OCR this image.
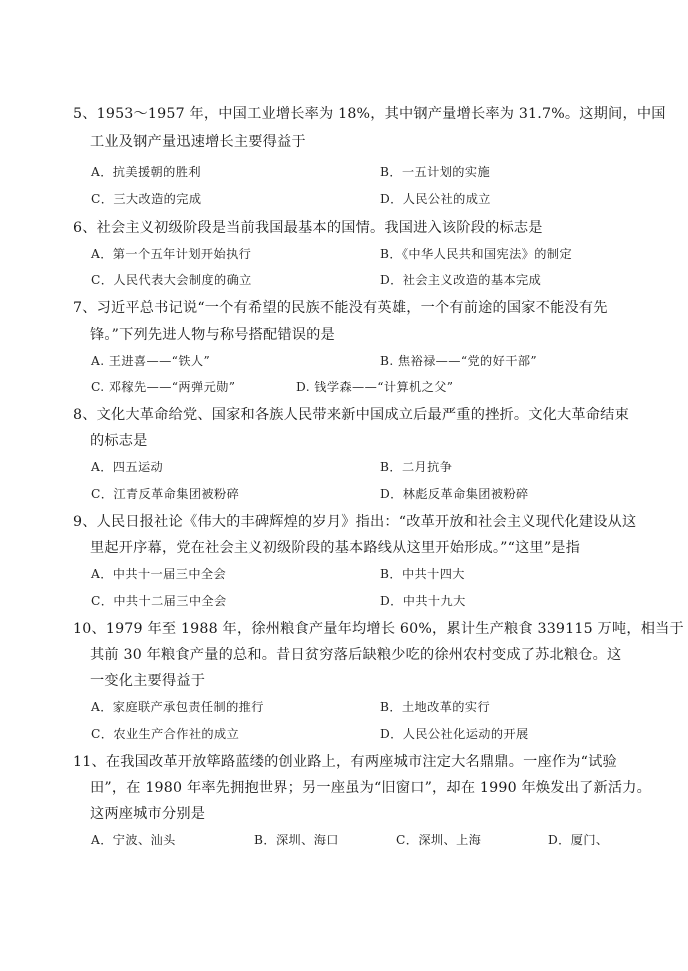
5、1953～1957 年，中国工业增长率为 18%，其中钢产量增长率为 31.7%。这期间，中国
工业及钢产量迅速增长主要得益于
A．抗美援朝的胜利	B．一五计划的实施
C．三大改造的完成	D．人民公社的成立
6、社会主义初级阶段是当前我国最基本的国情。我国进入该阶段的标志是
A．第一个五年计划开始执行	B．《中华人民共和国宪法》的制定
C．人民代表大会制度的确立	D．社会主义改造的基本完成
7、习近平总书记说“一个有希望的民族不能没有英雄，一个有前途的国家不能没有先
锋。”下列先进人物与称号搭配错误的是
A. 王进喜——“铁人”	B. 焦裕禄——“党的好干部”
C. 邓稼先——“两弹元勋”	D. 钱学森——“计算机之父”
8、文化大革命给党、国家和各族人民带来新中国成立后最严重的挫折。文化大革命结束
的标志是
A．四五运动	B．二月抗争
C．江青反革命集团被粉碎	D．林彪反革命集团被粉碎
9、人民日报社论《伟大的丰碑辉煌的岁月》指出：“改革开放和社会主义现代化建设从这
里起开序幕，党在社会主义初级阶段的基本路线从这里开始形成。”“这里”是指
A．中共十一届三中全会	B．中共十四大
C．中共十二届三中全会	D．中共十九大
10、1979 年至 1988 年，徐州粮食产量年均增长 60%，累计生产粮食 339115 万吨，相当于
其前 30 年粮食产量的总和。昔日贫穷落后缺粮少吃的徐州农村变成了苏北粮仓。这
一变化主要得益于
A．家庭联产承包责任制的推行	B．土地改革的实行
C．农业生产合作社的成立	D．人民公社化运动的开展
11、在我国改革开放筚路蓝缕的创业路上，有两座城市注定大名鼎鼎。一座作为“试验
田”，在 1980 年率先拥抱世界；另一座虽为“旧窗口”，却在 1990 年焕发出了新活力。
这两座城市分别是
A．宁波、汕头	B．深圳、海口	C．深圳、上海	D．厦门、
